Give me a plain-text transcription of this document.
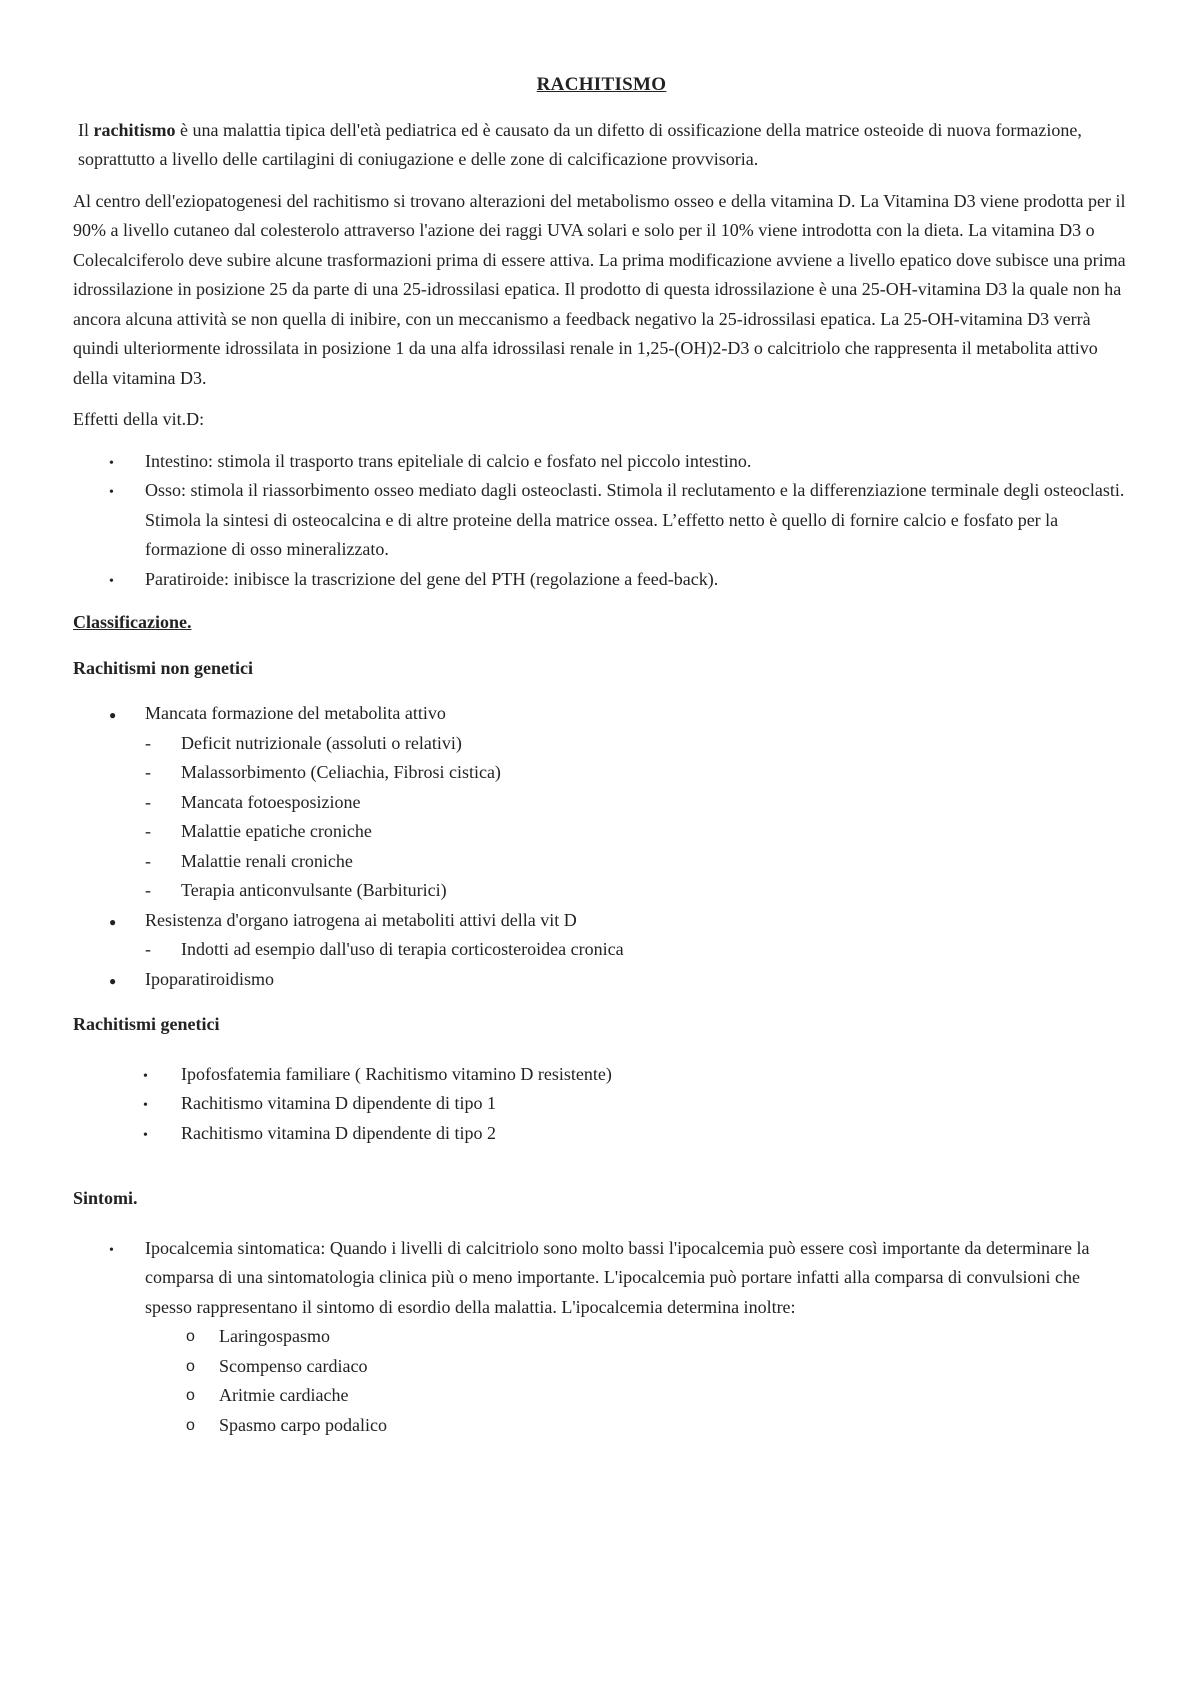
RACHITISMO

Il rachitismo è una malattia tipica dell'età pediatrica ed è causato da un difetto di ossificazione della matrice osteoide di nuova formazione, soprattutto a livello delle cartilagini di coniugazione e delle zone di calcificazione provvisoria.

Al centro dell'eziopatogenesi del rachitismo si trovano alterazioni del metabolismo osseo e della vitamina D. La Vitamina D3 viene prodotta per il 90% a livello cutaneo dal colesterolo attraverso l'azione dei raggi UVA solari e solo per il 10% viene introdotta con la dieta. La vitamina D3 o Colecalciferolo deve subire alcune trasformazioni prima di essere attiva. La prima modificazione avviene a livello epatico dove subisce una prima idrossilazione in posizione 25 da parte di una 25-idrossilasi epatica. Il prodotto di questa idrossilazione è una 25-OH-vitamina D3 la quale non ha ancora alcuna attività se non quella di inibire, con un meccanismo a feedback negativo la 25-idrossilasi epatica. La 25-OH-vitamina D3 verrà quindi ulteriormente idrossilata in posizione 1 da una alfa idrossilasi renale in 1,25-(OH)2-D3 o calcitriolo che rappresenta il metabolita attivo della vitamina D3.

Effetti della vit.D:

•
Intestino: stimola il trasporto trans epiteliale di calcio e fosfato nel piccolo intestino.
•
Osso: stimola il riassorbimento osseo mediato dagli osteoclasti. Stimola il reclutamento e la differenziazione terminale degli osteoclasti. Stimola la sintesi di osteocalcina e di altre proteine della matrice ossea. L’effetto netto è quello di fornire calcio e fosfato per la formazione di osso mineralizzato.
•
Paratiroide: inibisce la trascrizione del gene del PTH (regolazione a feed-back).
Classificazione.
Rachitismi non genetici
●
Mancata formazione del metabolita attivo
- Deficit nutrizionale (assoluti o relativi)
- Malassorbimento (Celiachia, Fibrosi cistica)
- Mancata fotoesposizione
- Malattie epatiche croniche
- Malattie renali croniche
- Terapia anticonvulsante (Barbiturici)
●
Resistenza d'organo iatrogena ai metaboliti attivi della vit D
- Indotti ad esempio dall'uso di terapia corticosteroidea cronica
●
Ipoparatiroidismo
Rachitismi genetici
•
Ipofosfatemia familiare ( Rachitismo vitamino D resistente)
•
Rachitismo vitamina D dipendente di tipo 1
•
Rachitismo vitamina D dipendente di tipo 2
Sintomi.
•
Ipocalcemia sintomatica: Quando i livelli di calcitriolo sono molto bassi l'ipocalcemia può essere così importante da determinare la comparsa di una sintomatologia clinica più o meno importante. L'ipocalcemia può portare infatti alla comparsa di convulsioni che spesso rappresentano il sintomo di esordio della malattia. L'ipocalcemia determina inoltre:
o Laringospasmo
o Scompenso cardiaco
o Aritmie cardiache
o Spasmo carpo podalico
